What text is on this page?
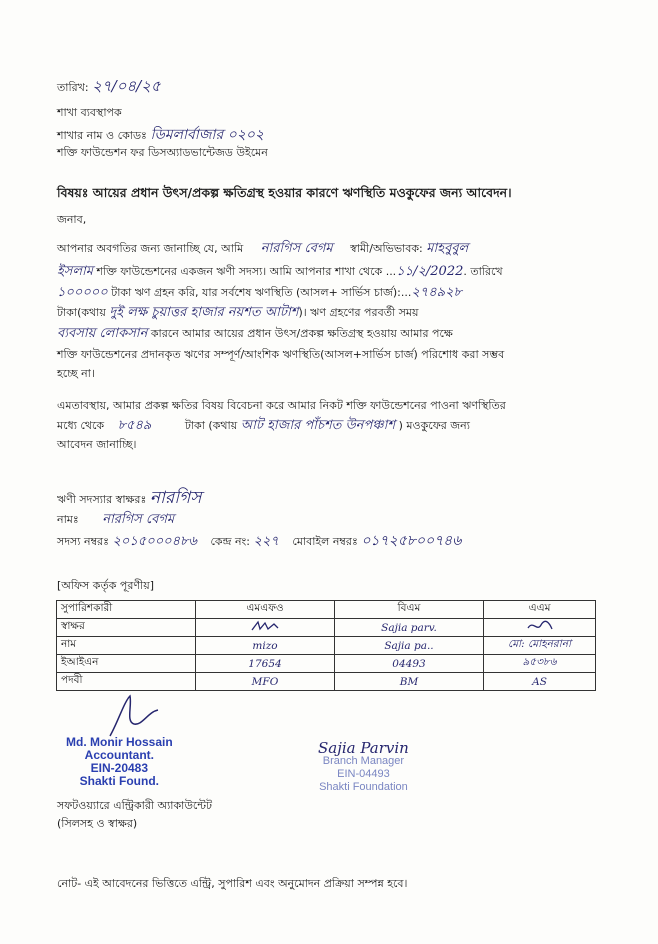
তারিখ: ২৭/০৪/২৫
শাখা ব্যবস্থাপক
শাখার নাম ও কোডঃ ডিমলার্বাজার ০২০২
শক্তি ফাউন্ডেশন ফর ডিসঅ্যাডভান্টেজড উইমেন
বিষয়ঃ আয়ের প্রধান উৎস/প্রকল্প ক্ষতিগ্রস্থ হওয়ার কারণে ঋণস্থিতি মওকুফের জন্য আবেদন।
জনাব,
আপনার অবগতির জন্য জানাচ্ছি যে, আমি নারগিস বেগম স্বামী/অভিভাবক: মাহবুবুল
ইসলাম শক্তি ফাউন্ডেশনের একজন ঋণী সদস্য। আমি আপনার শাখা থেকে ...১১/২/2022. তারিখে
১০০০০০ টাকা ঋণ গ্রহন করি, যার সর্বশেষ ঋণস্থিতি (আসল+ সার্ভিস চার্জ):...২৭৪৯২৮
টাকা(কথায় দুই লক্ষ চুয়াত্তর হাজার নয়শত আটাশ)। ঋণ গ্রহণের পরবর্তী সময়
ব্যবসায় লোকসান কারনে আমার আয়ের প্রধান উৎস/প্রকল্প ক্ষতিগ্রস্থ হওয়ায় আমার পক্ষে
শক্তি ফাউন্ডেশনের প্রদানকৃত ঋণের সম্পূর্ণ/আংশিক ঋণস্থিতি(আসল+সার্ভিস চার্জ) পরিশোধ করা সম্ভব
হচ্ছে না।
এমতাবস্থায়, আমার প্রকল্প ক্ষতির বিষয় বিবেচনা করে আমার নিকট শক্তি ফাউন্ডেশনের পাওনা ঋণস্থিতির
মধ্যে থেকে ৮৫৪৯	টাকা (কথায় আট হাজার পাঁচশত উনপঞ্চাশ ) মওকুফের জন্য
আবেদন জানাচ্ছি।
ঋণী সদস্যার স্বাক্ষরঃ নারগিস
নামঃ নারগিস বেগম
সদস্য নম্বরঃ ২০১৫০০০৪৮৬ কেন্দ্র নং: ২২৭ মোবাইল নম্বরঃ ০১৭২৫৮০০৭৪৬
[অফিস কর্তৃক পূরণীয়]
সুপারিশকারী	এমএফও	বিএম	এএম
স্বাক্ষর		Sajia parv.	
নাম	mizo	Sajia pa..	মো: মোহনরানা
ইআইএন	17654	04493	৯৫৩৮৬
পদবী	MFO	BM	AS
Md. Monir Hossain
Accountant.
EIN-20483
Shakti Found.
Sajia Parvin
Branch Manager
EIN-04493
Shakti Foundation
সফটওয়্যারে এন্ট্রিকারী অ্যাকাউন্টেট
(সিলসহ ও স্বাক্ষর)
নোট- এই আবেদনের ভিত্তিতে এন্ট্রি, সুপারিশ এবং অনুমোদন প্রক্রিয়া সম্পন্ন হবে।
